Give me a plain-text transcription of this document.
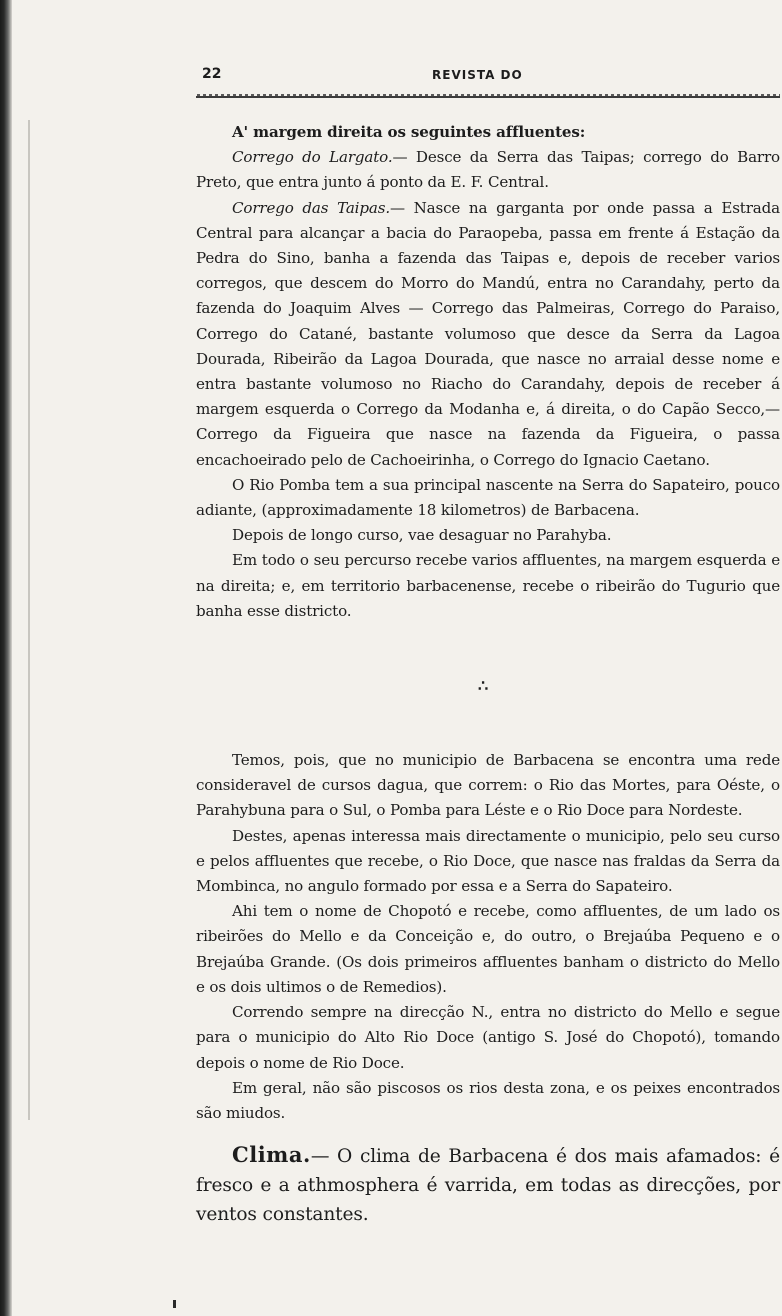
22	REVISTA DO

A' margem direita os seguintes affluentes:

Corrego do Largato.— Desce da Serra das Taipas; corrego do Barro Preto, que entra junto á ponto da E. F. Central.

Corrego das Taipas.— Nasce na garganta por onde passa a Estrada Central para alcançar a bacia do Paraopeba, passa em frente á Estação da Pedra do Sino, banha a fazenda das Taipas e, depois de receber varios corregos, que descem do Morro do Mandú, entra no Carandahy, perto da fazenda do Joaquim Alves — Corrego das Palmeiras, Corrego do Paraiso, Corrego do Catané, bastante volumoso que desce da Serra da Lagoa Dourada, Ribeirão da Lagoa Dourada, que nasce no arraial desse nome e entra bastante volumoso no Riacho do Carandahy, depois de receber á margem esquerda o Corrego da Modanha e, á direita, o do Capão Secco,— Corrego da Figueira que nasce na fazenda da Figueira, o passa encachoeirado pelo de Cachoeirinha, o Corrego do Ignacio Caetano.

O Rio Pomba tem a sua principal nascente na Serra do Sapateiro, pouco adiante, (approximadamente 18 kilometros) de Barbacena.

Depois de longo curso, vae desaguar no Parahyba.

Em todo o seu percurso recebe varios affluentes, na margem esquerda e na direita; e, em territorio barbacenense, recebe o ribeirão do Tugurio que banha esse districto.

∴

Temos, pois, que no municipio de Barbacena se encontra uma rede consideravel de cursos dagua, que correm: o Rio das Mortes, para Oéste, o Parahybuna para o Sul, o Pomba para Léste e o Rio Doce para Nordeste.

Destes, apenas interessa mais directamente o municipio, pelo seu curso e pelos affluentes que recebe, o Rio Doce, que nasce nas fraldas da Serra da Mombinca, no angulo formado por essa e a Serra do Sapateiro.

Ahi tem o nome de Chopotó e recebe, como affluentes, de um lado os ribeirões do Mello e da Conceição e, do outro, o Brejaúba Pequeno e o Brejaúba Grande. (Os dois primeiros affluentes banham o districto do Mello e os dois ultimos o de Remedios).

Correndo sempre na direcção N., entra no districto do Mello e segue para o municipio do Alto Rio Doce (antigo S. José do Chopotó), tomando depois o nome de Rio Doce.

Em geral, não são piscosos os rios desta zona, e os peixes encontrados são miudos.

Clima.— O clima de Barbacena é dos mais afamados: é fresco e a athmosphera é varrida, em todas as direcções, por ventos constantes.
